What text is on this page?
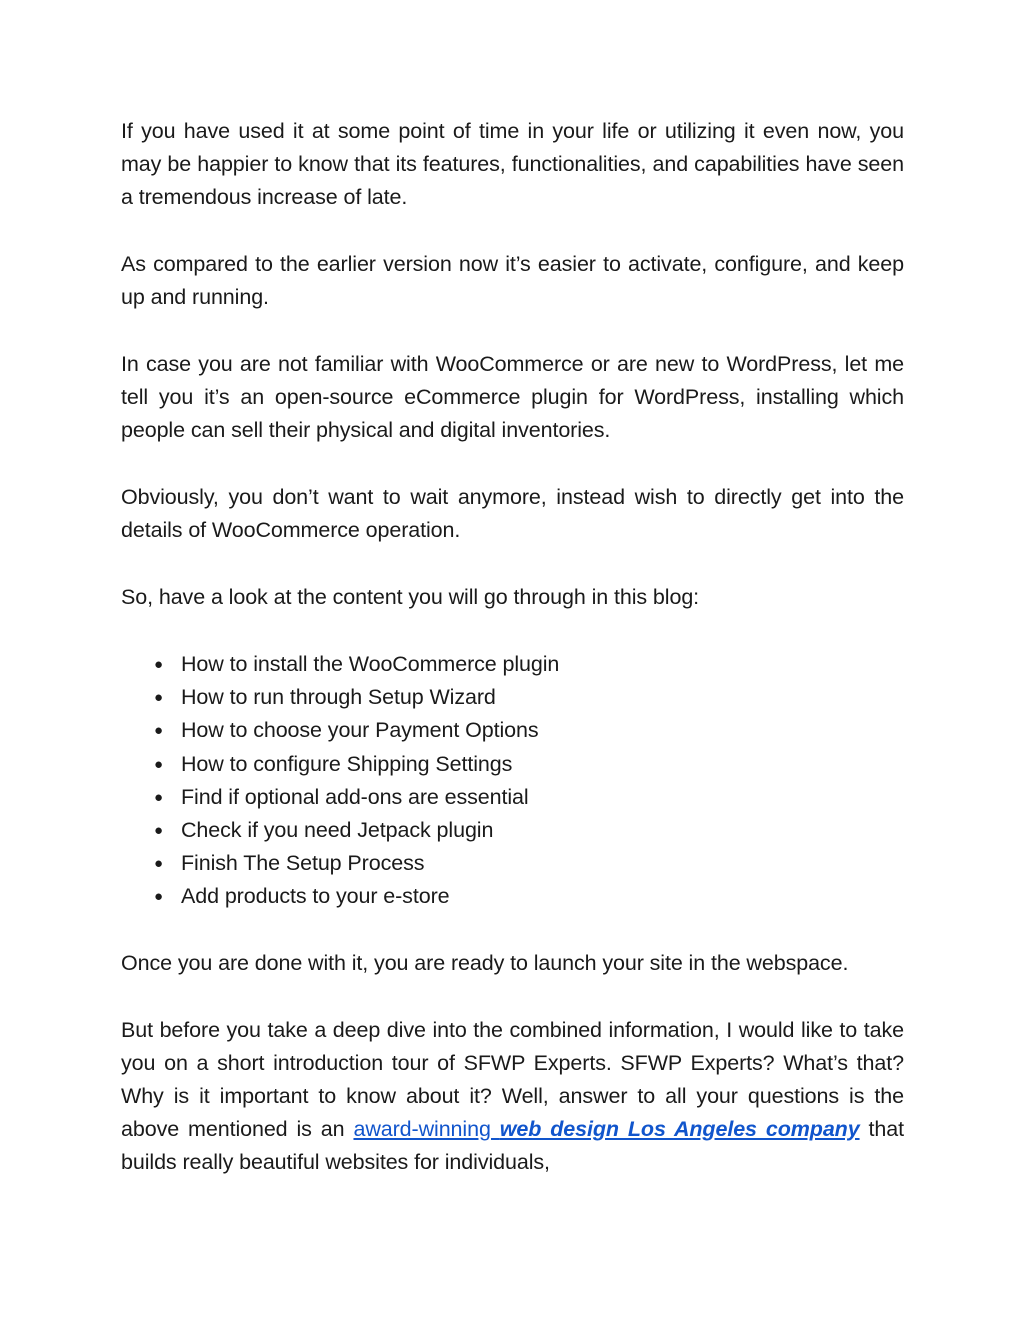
If you have used it at some point of time in your life or utilizing it even now, you may be happier to know that its features, functionalities, and capabilities have seen a tremendous increase of late.

As compared to the earlier version now it’s easier to activate, configure, and keep up and running.

In case you are not familiar with WooCommerce or are new to WordPress, let me tell you it’s an open-source eCommerce plugin for WordPress, installing which people can sell their physical and digital inventories.

Obviously, you don’t want to wait anymore, instead wish to directly get into the details of WooCommerce operation.

So, have a look at the content you will go through in this blog:

● How to install the WooCommerce plugin
● How to run through Setup Wizard
● How to choose your Payment Options
● How to configure Shipping Settings
● Find if optional add-ons are essential
● Check if you need Jetpack plugin
● Finish The Setup Process
● Add products to your e-store

Once you are done with it, you are ready to launch your site in the webspace.

But before you take a deep dive into the combined information, I would like to take you on a short introduction tour of SFWP Experts. SFWP Experts? What’s that? Why is it important to know about it? Well, answer to all your questions is the above mentioned is an award-winning web design Los Angeles company that builds really beautiful websites for individuals,
